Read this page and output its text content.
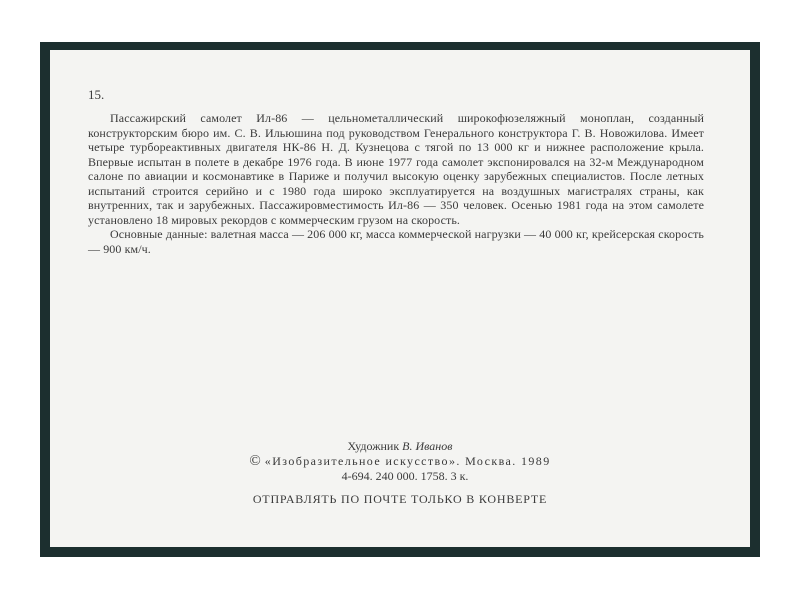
15.

Пассажирский самолет Ил-86 — цельнометаллический широкофюзеляжный моноплан, созданный конструкторским бюро им. С. В. Ильюшина под руководством Генерального конструктора Г. В. Новожилова. Имеет четыре турбореактивных двигателя НК-86 Н. Д. Кузнецова с тягой по 13 000 кг и нижнее расположение крыла. Впервые испытан в полете в декабре 1976 года. В июне 1977 года самолет экспонировался на 32-м Международном салоне по авиации и космонавтике в Париже и получил высокую оценку зарубежных специалистов. После летных испытаний строится серийно и с 1980 года широко эксплуатируется на воздушных магистралях страны, как внутренних, так и зарубежных. Пассажировместимость Ил-86 — 350 человек. Осенью 1981 года на этом самолете установлено 18 мировых рекордов с коммерческим грузом на скорость.

Основные данные: валетная масса — 206 000 кг, масса коммерческой нагрузки — 40 000 кг, крейсерская скорость — 900 км/ч.

Художник В. Иванов
© «Изобразительное искусство». Москва. 1989
4-694. 240 000. 1758. 3 к.
ОТПРАВЛЯТЬ ПО ПОЧТЕ ТОЛЬКО В КОНВЕРТЕ
